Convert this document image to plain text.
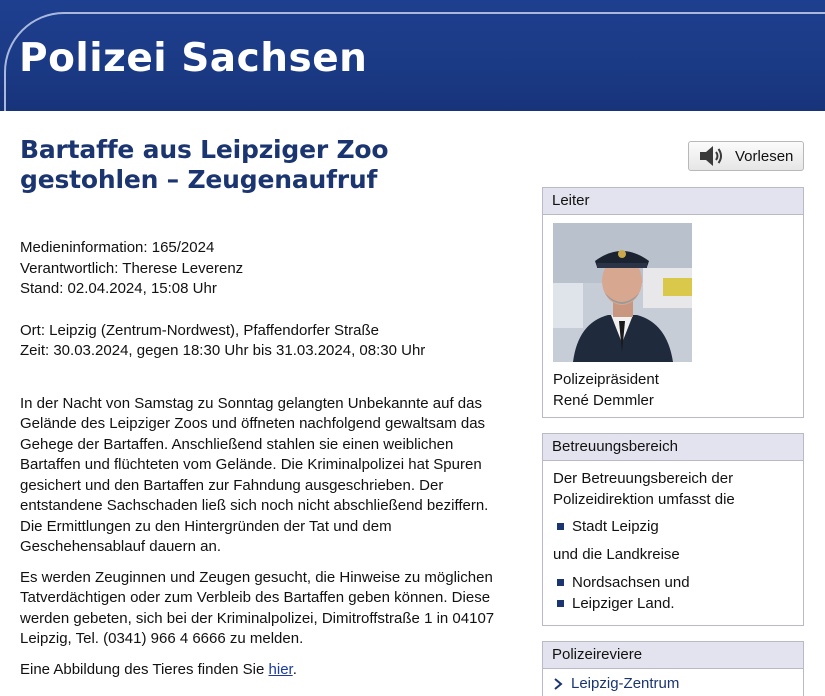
Polizei Sachsen
Bartaffe aus Leipziger Zoo gestohlen – Zeugenaufruf

Medieninformation: 165/2024

Verantwortlich: Therese Leverenz

Stand: 02.04.2024, 15:08 Uhr

Ort: Leipzig (Zentrum-Nordwest), Pfaffendorfer Straße

Zeit: 30.03.2024, gegen 18:30 Uhr bis 31.03.2024, 08:30 Uhr

In der Nacht von Samstag zu Sonntag gelangten Unbekannte auf das Gelände des Leipziger Zoos und öffneten nachfolgend gewaltsam das Gehege der Bartaffen. Anschließend stahlen sie einen weiblichen Bartaffen und flüchteten vom Gelände. Die Kriminalpolizei hat Spuren gesichert und den Bartaffen zur Fahndung ausgeschrieben. Der entstandene Sachschaden ließ sich noch nicht abschließend beziffern. Die Ermittlungen zu den Hintergründen der Tat und dem Geschehensablauf dauern an.

Es werden Zeuginnen und Zeugen gesucht, die Hinweise zu möglichen Tatverdächtigen oder zum Verbleib des Bartaffen geben können. Diese werden gebeten, sich bei der Kriminalpolizei, Dimitroffstraße 1 in 04107 Leipzig, Tel. (0341) 966 4 6666 zu melden.

Eine Abbildung des Tieres finden Sie hier.

Vorlesen
Leiter
Polizeipräsident
René Demmler
Betreuungsbereich
Der Betreuungsbereich der Polizeidirektion umfasst die
Stadt Leipzig
und die Landkreise
Nordsachsen und
Leipziger Land.
Polizeireviere
Leipzig-Zentrum
